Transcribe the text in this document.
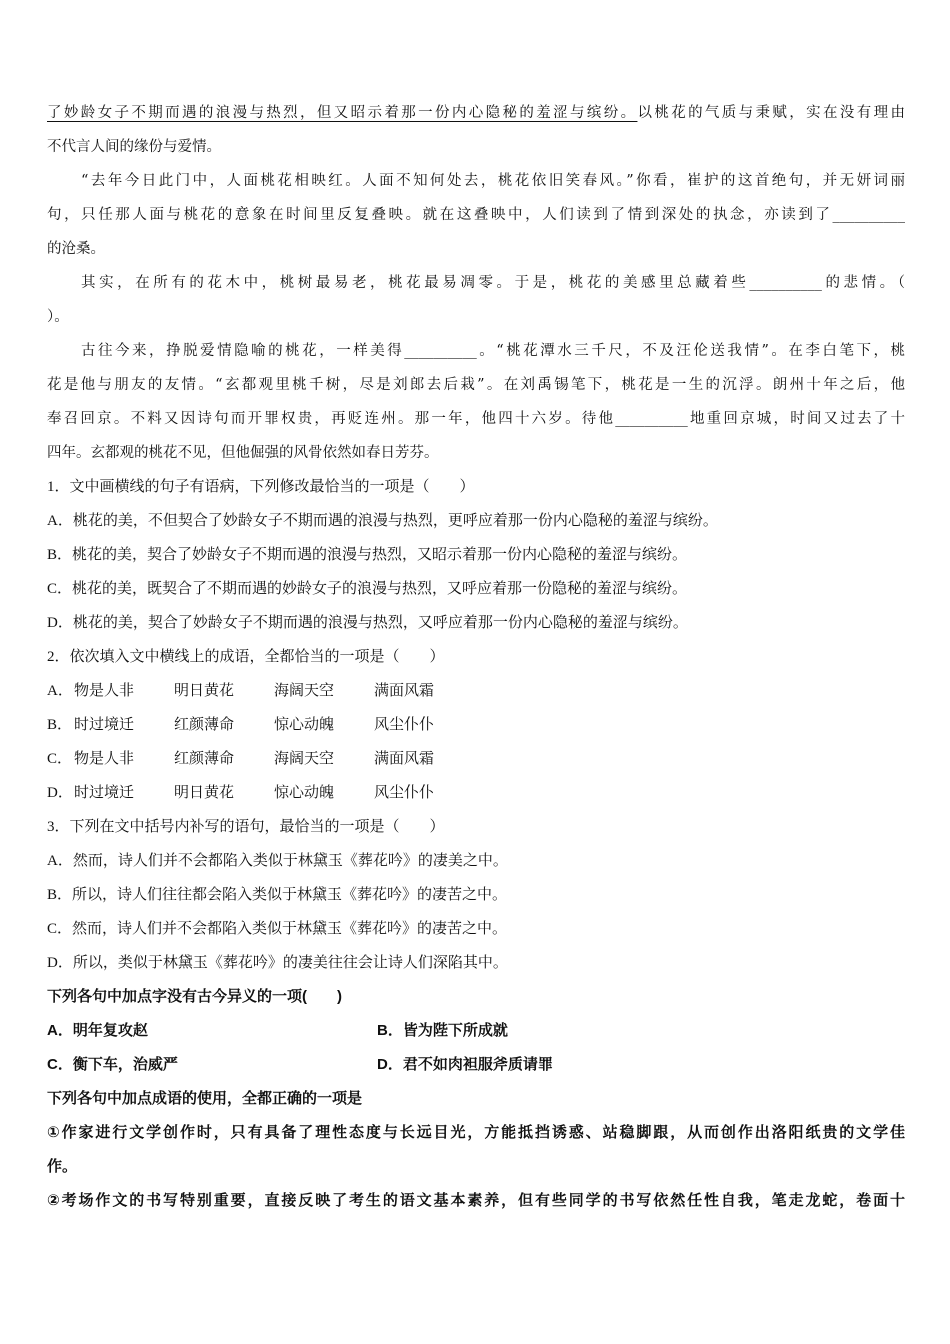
了妙龄女子不期而遇的浪漫与热烈，但又昭示着那一份内心隐秘的羞涩与缤纷。以桃花的气质与秉赋，实在没有理由
不代言人间的缘份与爱情。
“去年今日此门中，人面桃花相映红。人面不知何处去，桃花依旧笑春风。”你看，崔护的这首绝句，并无妍词丽
句，只任那人面与桃花的意象在时间里反复叠映。就在这叠映中，人们读到了情到深处的执念，亦读到了__________
的沧桑。
其实，在所有的花木中，桃树最易老，桃花最易凋零。于是，桃花的美感里总藏着些__________的悲情。（
）。
古往今来，挣脱爱情隐喻的桃花，一样美得__________。“桃花潭水三千尺，不及汪伦送我情”。在李白笔下，桃
花是他与朋友的友情。“玄都观里桃千树，尽是刘郎去后栽”。在刘禹锡笔下，桃花是一生的沉浮。朗州十年之后，他
奉召回京。不料又因诗句而开罪权贵，再贬连州。那一年，他四十六岁。待他__________地重回京城，时间又过去了十
四年。玄都观的桃花不见，但他倔强的风骨依然如春日芳芬。
1．文中画横线的句子有语病，下列修改最恰当的一项是（　　）
A．桃花的美，不但契合了妙龄女子不期而遇的浪漫与热烈，更呼应着那一份内心隐秘的羞涩与缤纷。
B．桃花的美，契合了妙龄女子不期而遇的浪漫与热烈，又昭示着那一份内心隐秘的羞涩与缤纷。
C．桃花的美，既契合了不期而遇的妙龄女子的浪漫与热烈，又呼应着那一份隐秘的羞涩与缤纷。
D．桃花的美，契合了妙龄女子不期而遇的浪漫与热烈，又呼应着那一份内心隐秘的羞涩与缤纷。
2．依次填入文中横线上的成语，全都恰当的一项是（　　）
A． 物是人非	明日黄花	海阔天空	满面风霜
B． 时过境迁	红颜薄命	惊心动魄	风尘仆仆
C． 物是人非	红颜薄命	海阔天空	满面风霜
D． 时过境迁	明日黄花	惊心动魄	风尘仆仆
3．下列在文中括号内补写的语句，最恰当的一项是（　　）
A．然而，诗人们并不会都陷入类似于林黛玉《葬花吟》的凄美之中。
B．所以，诗人们往往都会陷入类似于林黛玉《葬花吟》的凄苦之中。
C．然而，诗人们并不会都陷入类似于林黛玉《葬花吟》的凄苦之中。
D．所以，类似于林黛玉《葬花吟》的凄美往往会让诗人们深陷其中。
下列各句中加点字没有古今异义的一项(　　)
A．明年复攻赵	B．皆为陛下所成就
C．衡下车，治威严	D．君不如肉袒服斧质请罪
下列各句中加点成语的使用，全都正确的一项是
①作家进行文学创作时，只有具备了理性态度与长远目光，方能抵挡诱惑、站稳脚跟，从而创作出洛阳纸贵的文学佳
作。
②考场作文的书写特别重要，直接反映了考生的语文基本素养，但有些同学的书写依然任性自我，笔走龙蛇，卷面十
